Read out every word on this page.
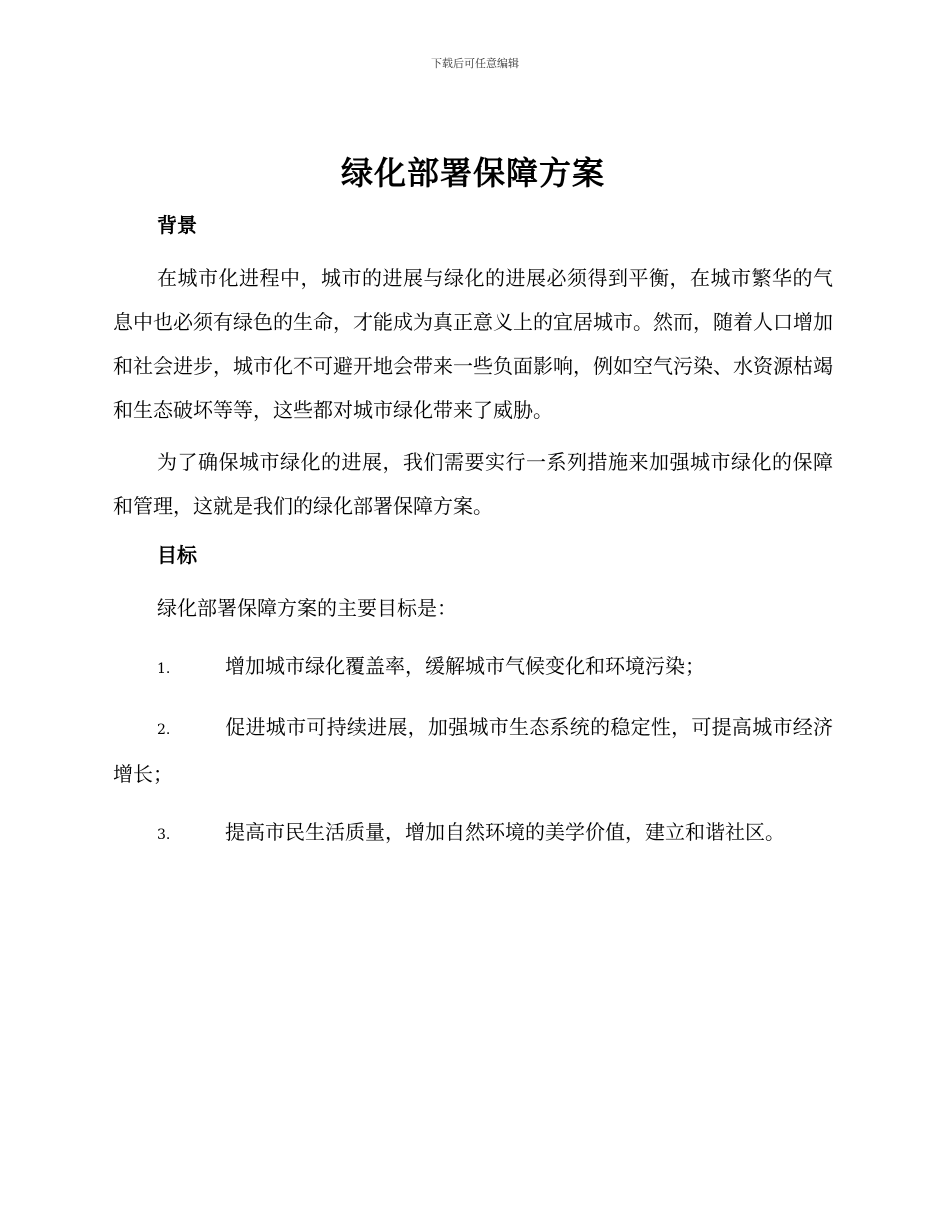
下载后可任意编辑
绿化部署保障方案
背景

在城市化进程中，城市的进展与绿化的进展必须得到平衡，在城市繁华的气息中也必须有绿色的生命，才能成为真正意义上的宜居城市。然而，随着人口增加和社会进步，城市化不可避开地会带来一些负面影响，例如空气污染、水资源枯竭和生态破坏等等，这些都对城市绿化带来了威胁。

为了确保城市绿化的进展，我们需要实行一系列措施来加强城市绿化的保障和管理，这就是我们的绿化部署保障方案。

目标

绿化部署保障方案的主要目标是：

1.	增加城市绿化覆盖率，缓解城市气候变化和环境污染；

2.	促进城市可持续进展，加强城市生态系统的稳定性，可提高城市经济增长；

3.	提高市民生活质量，增加自然环境的美学价值，建立和谐社区。
